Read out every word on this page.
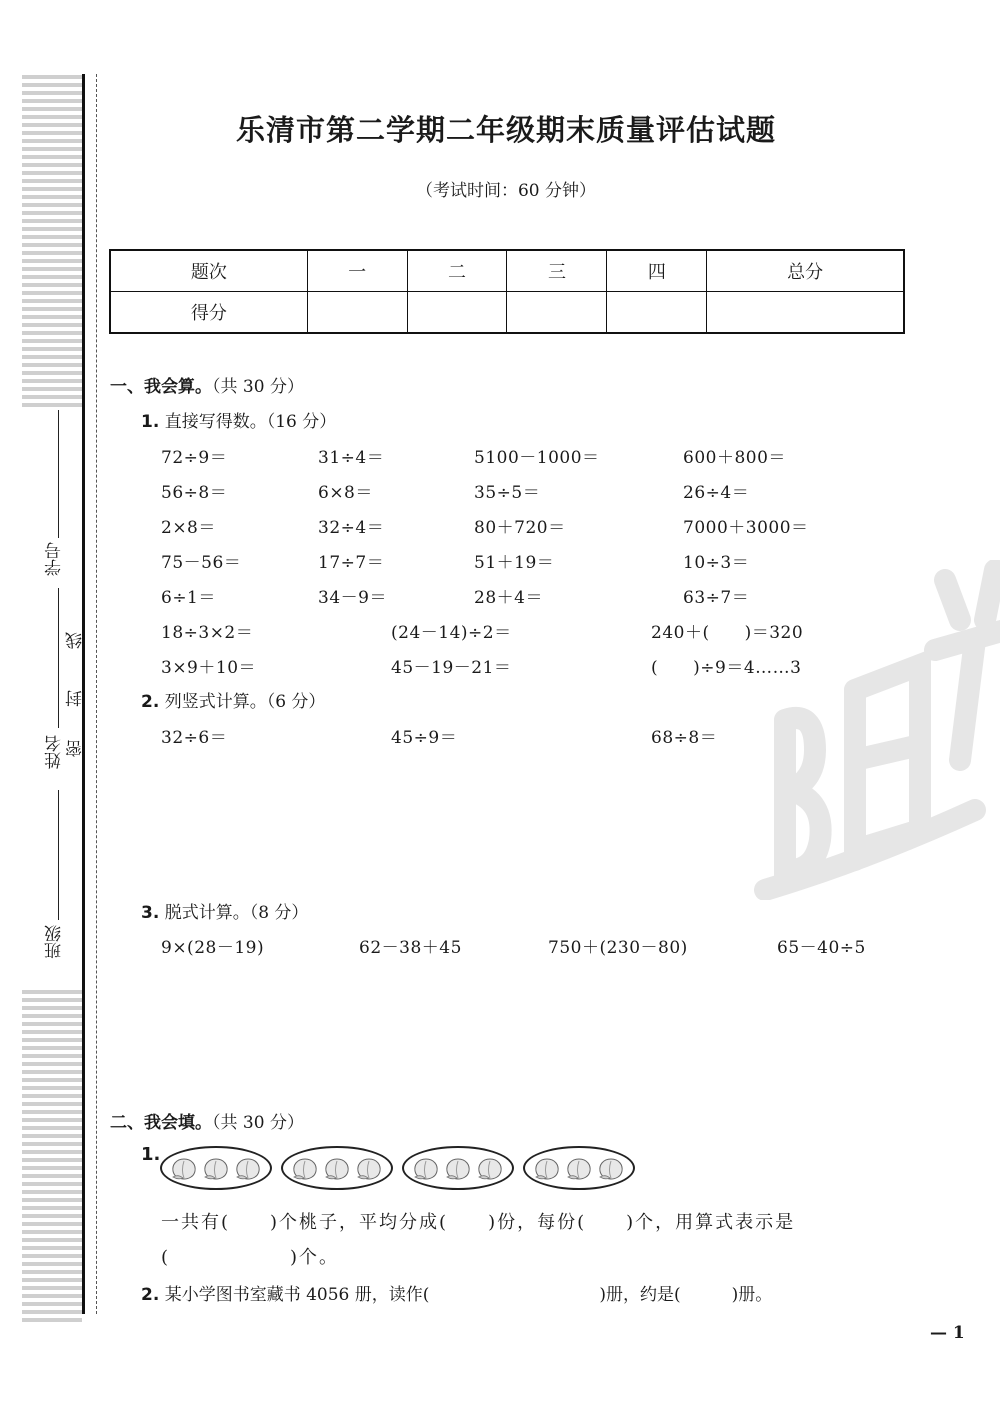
学号
姓名
班级
线
封
密
乐清市第二学期二年级期末质量评估试题
（考试时间：60 分钟）
题次	一	二	三	四	总分
得分					
一、我会算。（共 30 分）
1. 直接写得数。（16 分）
72÷9＝	31÷4＝	5100－1000＝	600＋800＝
56÷8＝	6×8＝	35÷5＝	26÷4＝
2×8＝	32÷4＝	80＋720＝	7000＋3000＝
75－56＝	17÷7＝	51＋19＝	10÷3＝
6÷1＝	34－9＝	28＋4＝	63÷7＝
18÷3×2＝	(24－14)÷2＝	240＋(　　)＝320
3×9＋10＝	45－19－21＝	(　　)÷9＝4……3
2. 列竖式计算。（6 分）
32÷6＝	45÷9＝	68÷8＝
3. 脱式计算。（8 分）
9×(28－19)	62－38＋45	750＋(230－80)	65－40÷5
二、我会填。（共 30 分）
1.
一共有(　　)个桃子，平均分成(　　)份，每份(　　)个，用算式表示是
(　　　　　　)个。
2. 某小学图书室藏书 4056 册，读作(　　　　　　　　　　)册，约是(　　　)册。
— 1
